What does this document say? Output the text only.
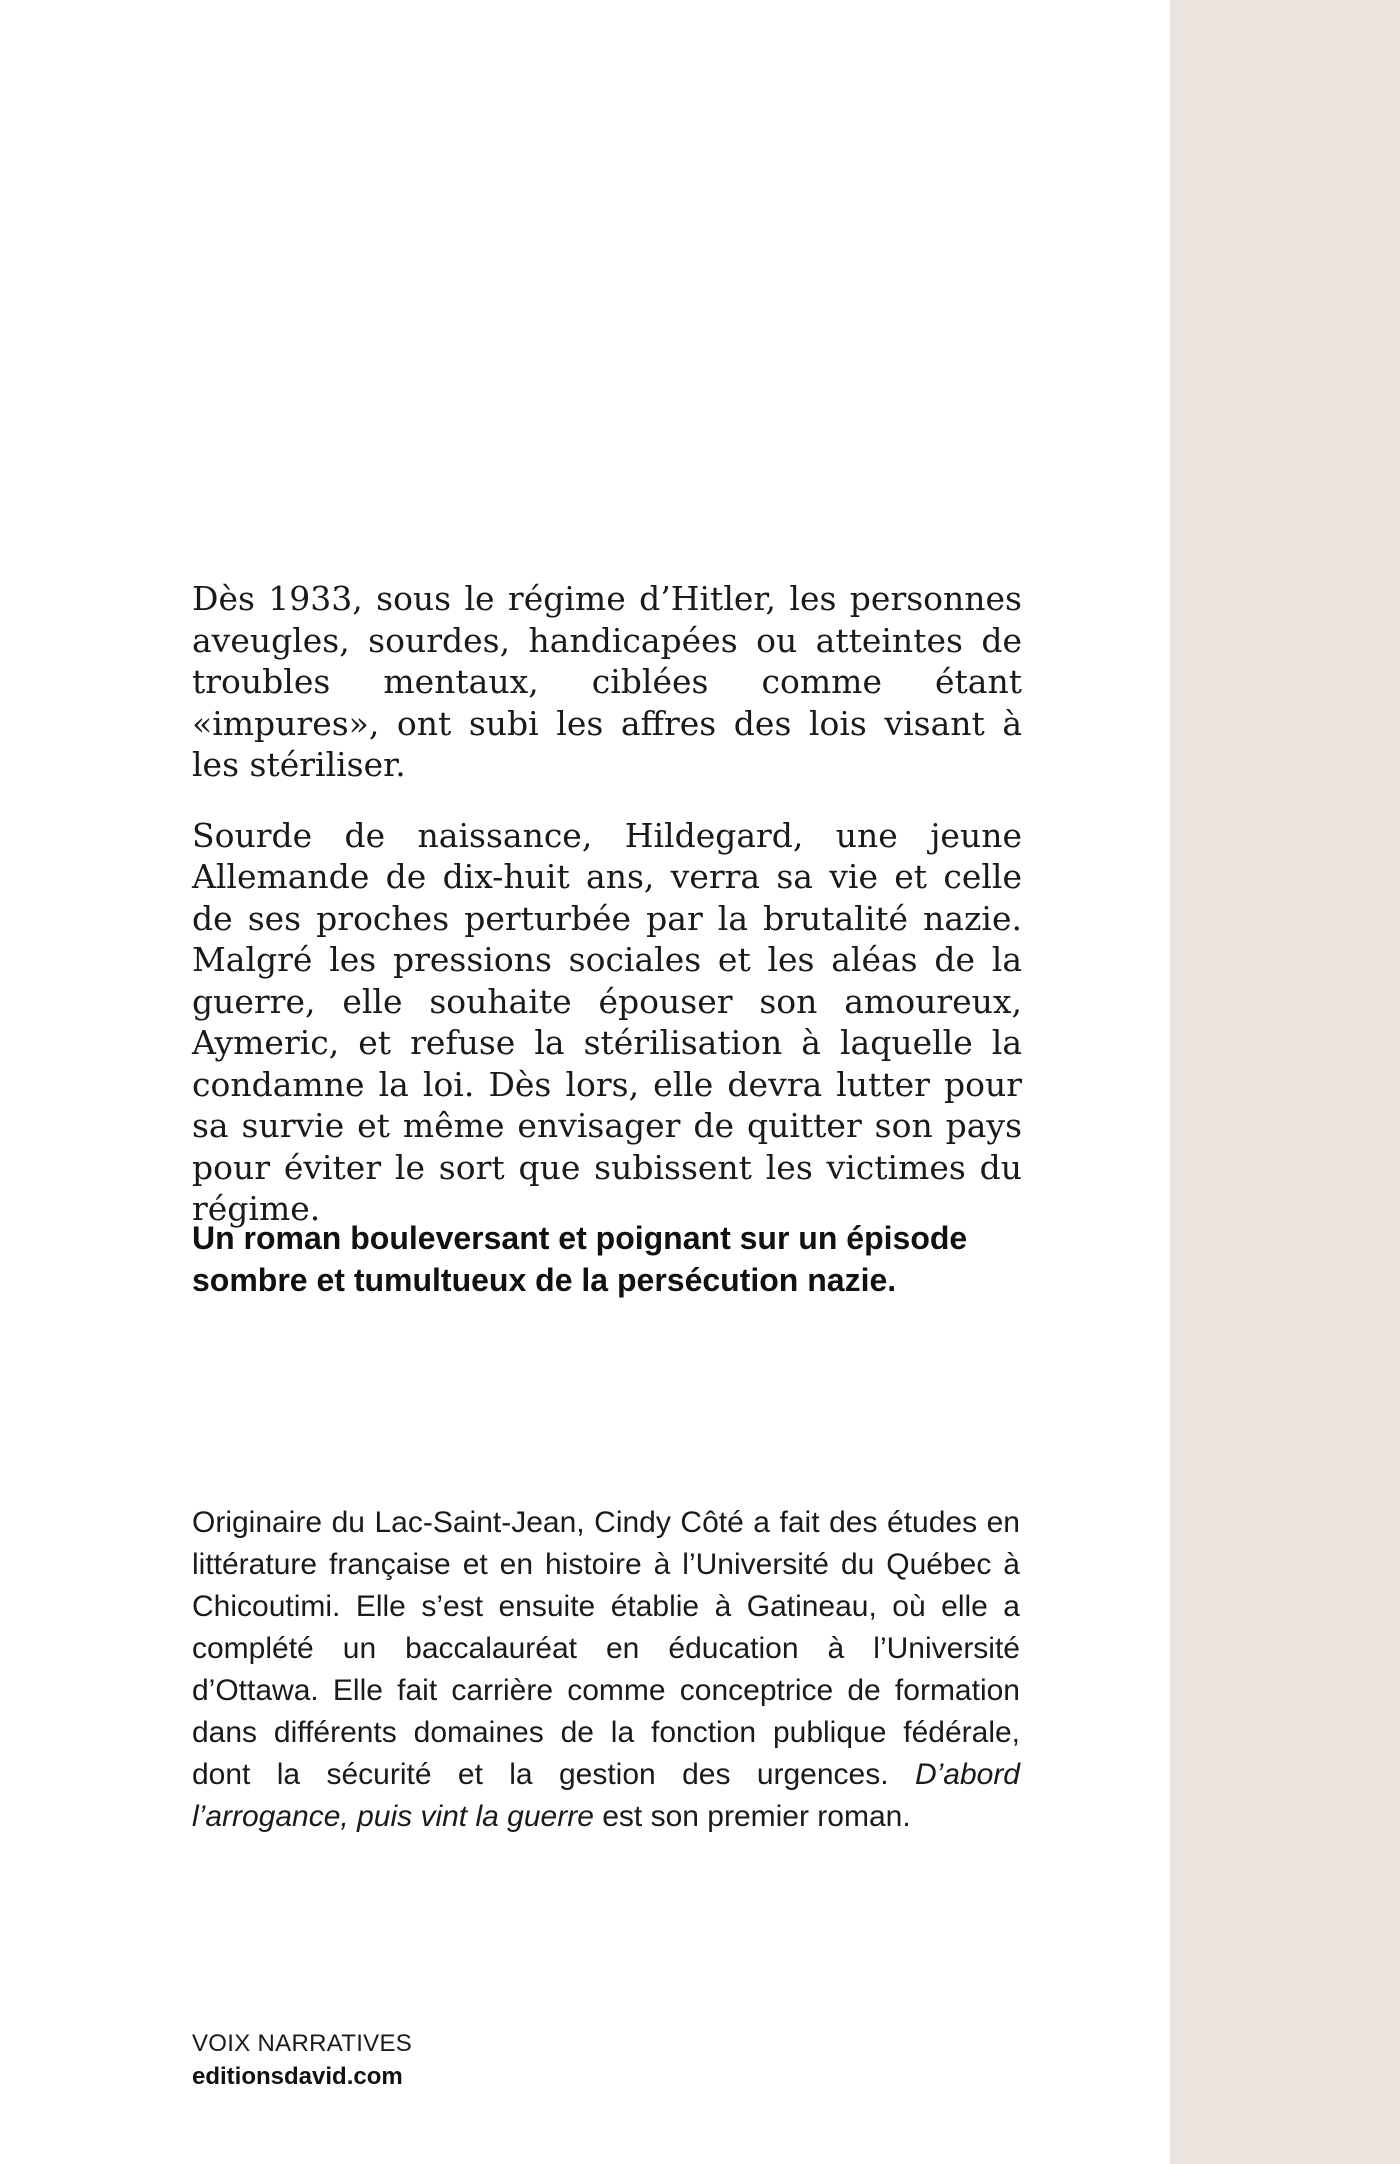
Dès 1933, sous le régime d’Hitler, les personnes aveugles, sourdes, handicapées ou atteintes de troubles mentaux, ciblées comme étant «impures», ont subi les affres des lois visant à les stériliser.

Sourde de naissance, Hildegard, une jeune Allemande de dix-huit ans, verra sa vie et celle de ses proches perturbée par la brutalité nazie. Malgré les pressions sociales et les aléas de la guerre, elle souhaite épouser son amoureux, Aymeric, et refuse la stérilisation à laquelle la condamne la loi. Dès lors, elle devra lutter pour sa survie et même envisager de quitter son pays pour éviter le sort que subissent les victimes du régime.

Un roman bouleversant et poignant sur un épisode sombre et tumultueux de la persécution nazie.

Originaire du Lac-Saint-Jean, Cindy Côté a fait des études en littérature française et en histoire à l’Université du Québec à Chicoutimi. Elle s’est ensuite établie à Gatineau, où elle a complété un baccalauréat en éducation à l’Université d’Ottawa. Elle fait carrière comme conceptrice de formation dans différents domaines de la fonction publique fédérale, dont la sécurité et la gestion des urgences. D’abord l’arrogance, puis vint la guerre est son premier roman.

VOIX NARRATIVES
editionsdavid.com
